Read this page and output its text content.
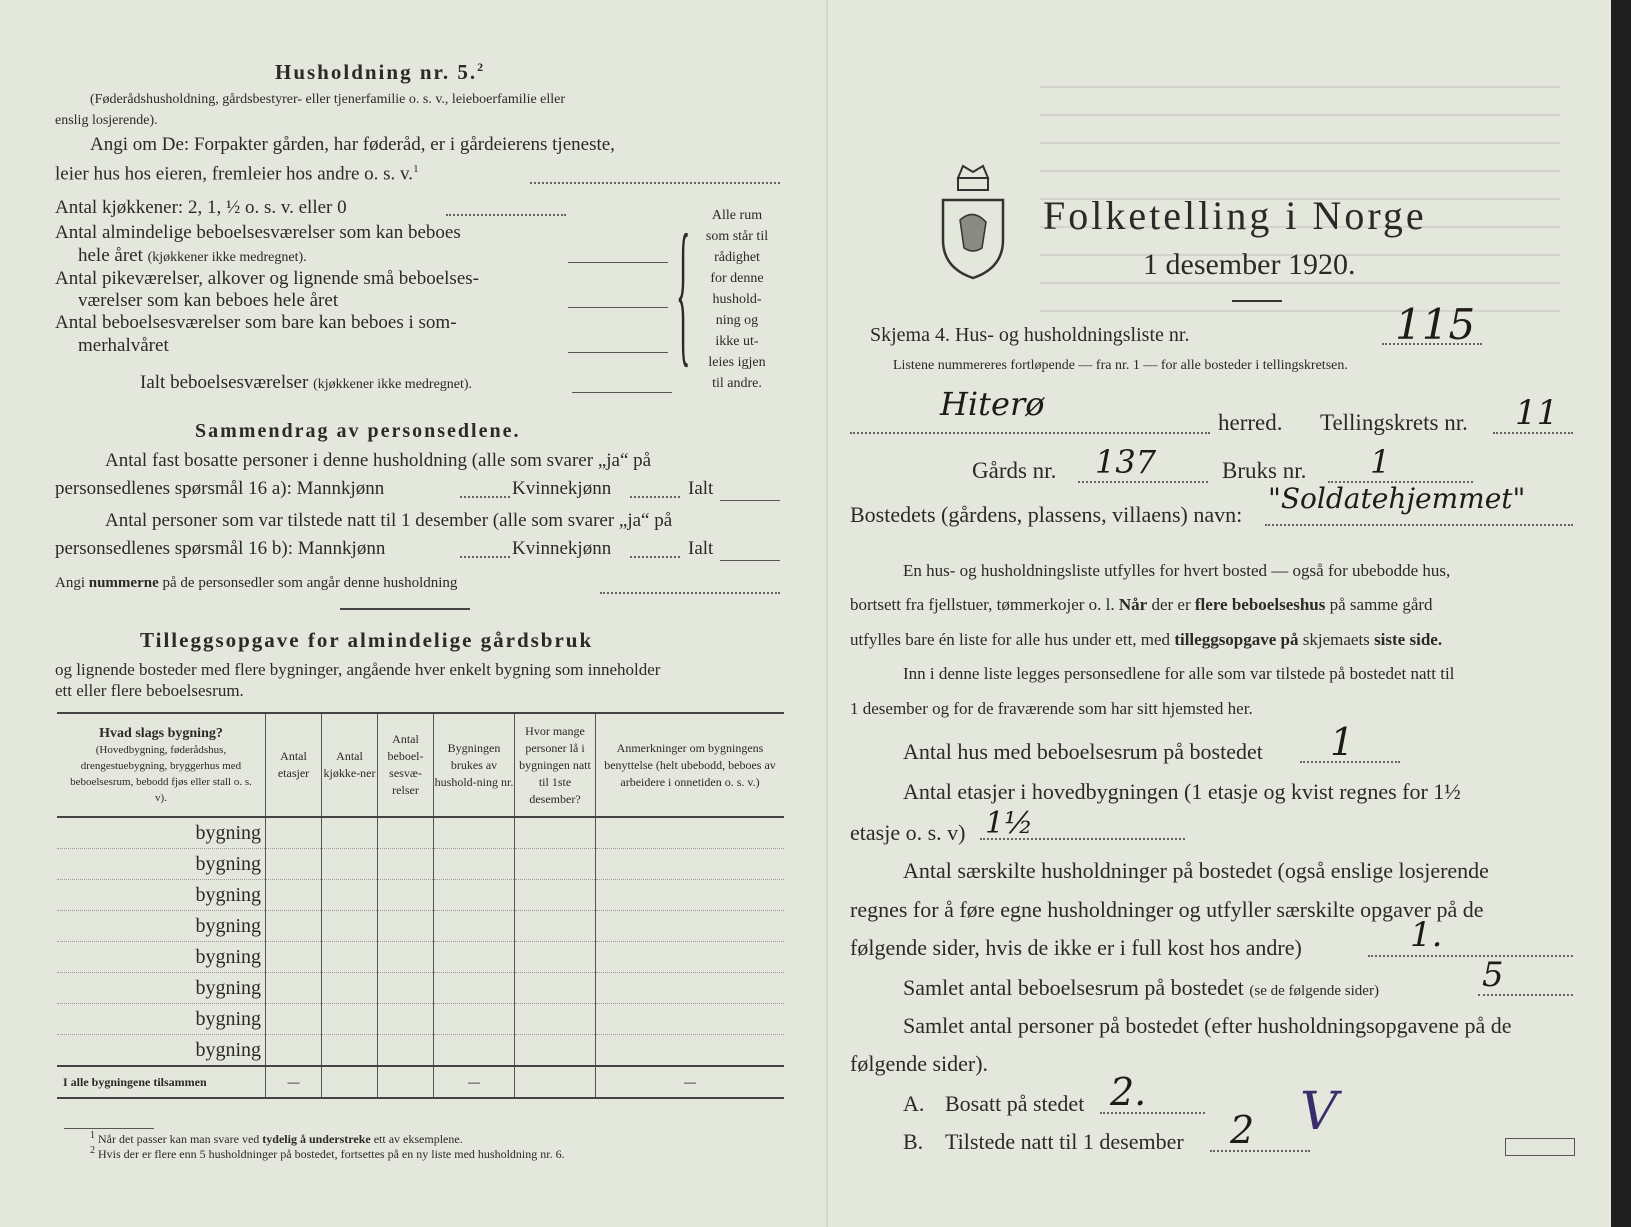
Husholdning nr. 5.$^2$
(Føderådshusholdning, gårdsbestyrer- eller tjenerfamilie o. s. v., leieboerfamilie eller
enslig losjerende).
Angi om De: Forpakter gården, har føderåd, er i gårdeierens tjeneste,
leier hus hos eieren, fremleier hos andre o. s. v.$^1$
Antal kjøkkener: 2, 1, ½ o. s. v. eller 0
Antal almindelige beboelsesværelser som kan beboes
hele året (kjøkkener ikke medregnet).
Antal pikeværelser, alkover og lignende små beboelses-
værelser som kan beboes hele året
Antal beboelsesværelser som bare kan beboes i som-
merhalvåret
Ialt beboelsesværelser (kjøkkener ikke medregnet).
{	Alle rum
som står til
rådighet
for denne
hushold-
ning og
ikke ut-
leies igjen
til andre.
Sammendrag av personsedlene.
Antal fast bosatte personer i denne husholdning (alle som svarer „ja“ på
personsedlenes spørsmål 16 a): Mannkjønn	Kvinnekjønn	Ialt
Antal personer som var tilstede natt til 1 desember (alle som svarer „ja“ på
personsedlenes spørsmål 16 b): Mannkjønn	Kvinnekjønn	Ialt
Angi nummerne på de personsedler som angår denne husholdning
Tilleggsopgave for almindelige gårdsbruk
og lignende bosteder med flere bygninger, angående hver enkelt bygning som inneholder
ett eller flere beboelsesrum.
Hvad slags bygning?

(Hovedbygning, føderådshus, drengestuebygning, bryggerhus med beboelsesrum, bebodd fjøs eller stall o. s. v).	Antal etasjer	Antal kjøkke-ner	Antal beboel-sesvæ-relser	Bygningen brukes av hushold-ning nr.	Hvor mange personer lå i bygningen natt til 1ste desember?	Anmerkninger om bygningens benyttelse (helt ubebodd, beboes av arbeidere i onnetiden o. s. v.)
bygning						
bygning						
bygning						
bygning						
bygning						
bygning						
bygning						
bygning						
I alle bygningene tilsammen	—			—		—
$^1$ Når det passer kan man svare ved tydelig å understreke ett av eksemplene.
$^2$ Hvis der er flere enn 5 husholdninger på bostedet, fortsettes på en ny liste med husholdning nr. 6.
Folketelling i Norge
1 desember 1920.
Skjema 4. Hus- og husholdningsliste nr.	115
Listene nummereres fortløpende — fra nr. 1 — for alle bosteder i tellingskretsen.
Hiterø	herred. Tellingskrets nr. 11
Gårds nr. 137	Bruks nr. 1
Bostedets (gårdens, plassens, villaens) navn: "Soldatehjemmet"
En hus- og husholdningsliste utfylles for hvert bosted — også for ubebodde hus,
bortsett fra fjellstuer, tømmerkojer o. l. Når der er flere beboelseshus på samme gård
utfylles bare én liste for alle hus under ett, med tilleggsopgave på skjemaets siste side.
Inn i denne liste legges personsedlene for alle som var tilstede på bostedet natt til
1 desember og for de fraværende som har sitt hjemsted her.
Antal hus med beboelsesrum på bostedet 1
Antal etasjer i hovedbygningen (1 etasje og kvist regnes for 1½
etasje o. s. v) 1½
Antal særskilte husholdninger på bostedet (også enslige losjerende
regnes for å føre egne husholdninger og utfyller særskilte opgaver på de
følgende sider, hvis de ikke er i full kost hos andre)	1.
Samlet antal beboelsesrum på bostedet (se de følgende sider)	5
Samlet antal personer på bostedet (efter husholdningsopgavene på de
følgende sider).
A. Bosatt på stedet 2.
B. Tilstede natt til 1 desember 2 V
